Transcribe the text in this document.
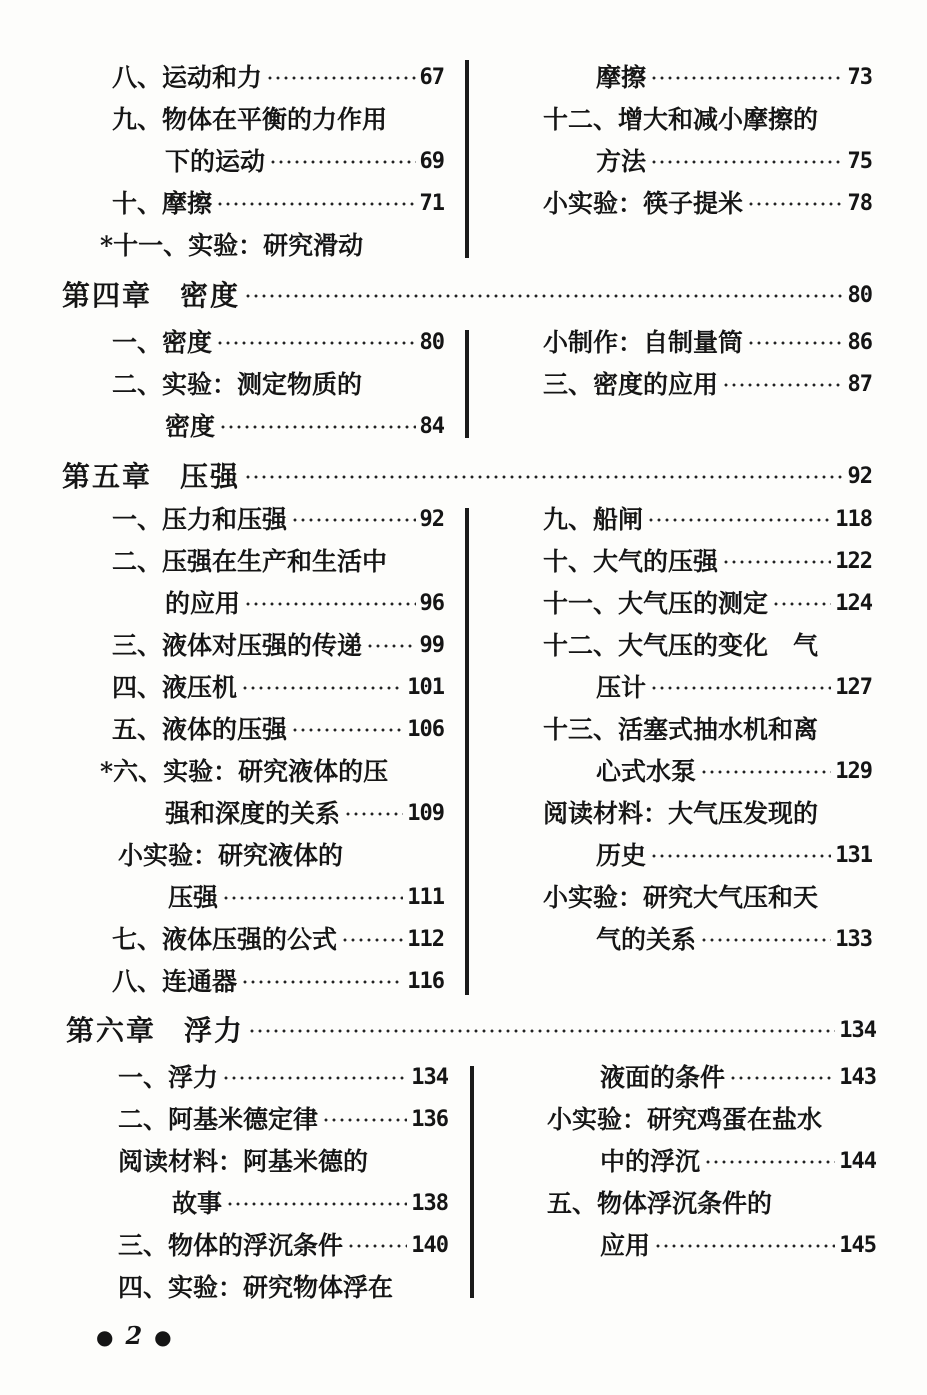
八、运动和力	67
九、物体在平衡的力作用
下的运动	69
十、摩擦	71
*十一、实验：研究滑动
摩擦	73
十二、增大和减小摩擦的
方法	75
小实验：筷子提米	78
第四章 密度	80
一、密度	80
二、实验：测定物质的
密度	84
小制作：自制量筒	86
三、密度的应用	87
第五章 压强	92
一、压力和压强	92
二、压强在生产和生活中
的应用	96
三、液体对压强的传递	99
四、液压机	101
五、液体的压强	106
*六、实验：研究液体的压
强和深度的关系	109
小实验：研究液体的
压强	111
七、液体压强的公式	112
八、连通器	116
九、船闸	118
十、大气的压强	122
十一、大气压的测定	124
十二、大气压的变化　气
压计	127
十三、活塞式抽水机和离
心式水泵	129
阅读材料：大气压发现的
历史	131
小实验：研究大气压和天
气的关系	133
第六章 浮力	134
一、浮力	134
二、阿基米德定律	136
阅读材料：阿基米德的
故事	138
三、物体的浮沉条件	140
四、实验：研究物体浮在
液面的条件	143
小实验：研究鸡蛋在盐水
中的浮沉	144
五、物体浮沉条件的
应用	145
● 2 ●
